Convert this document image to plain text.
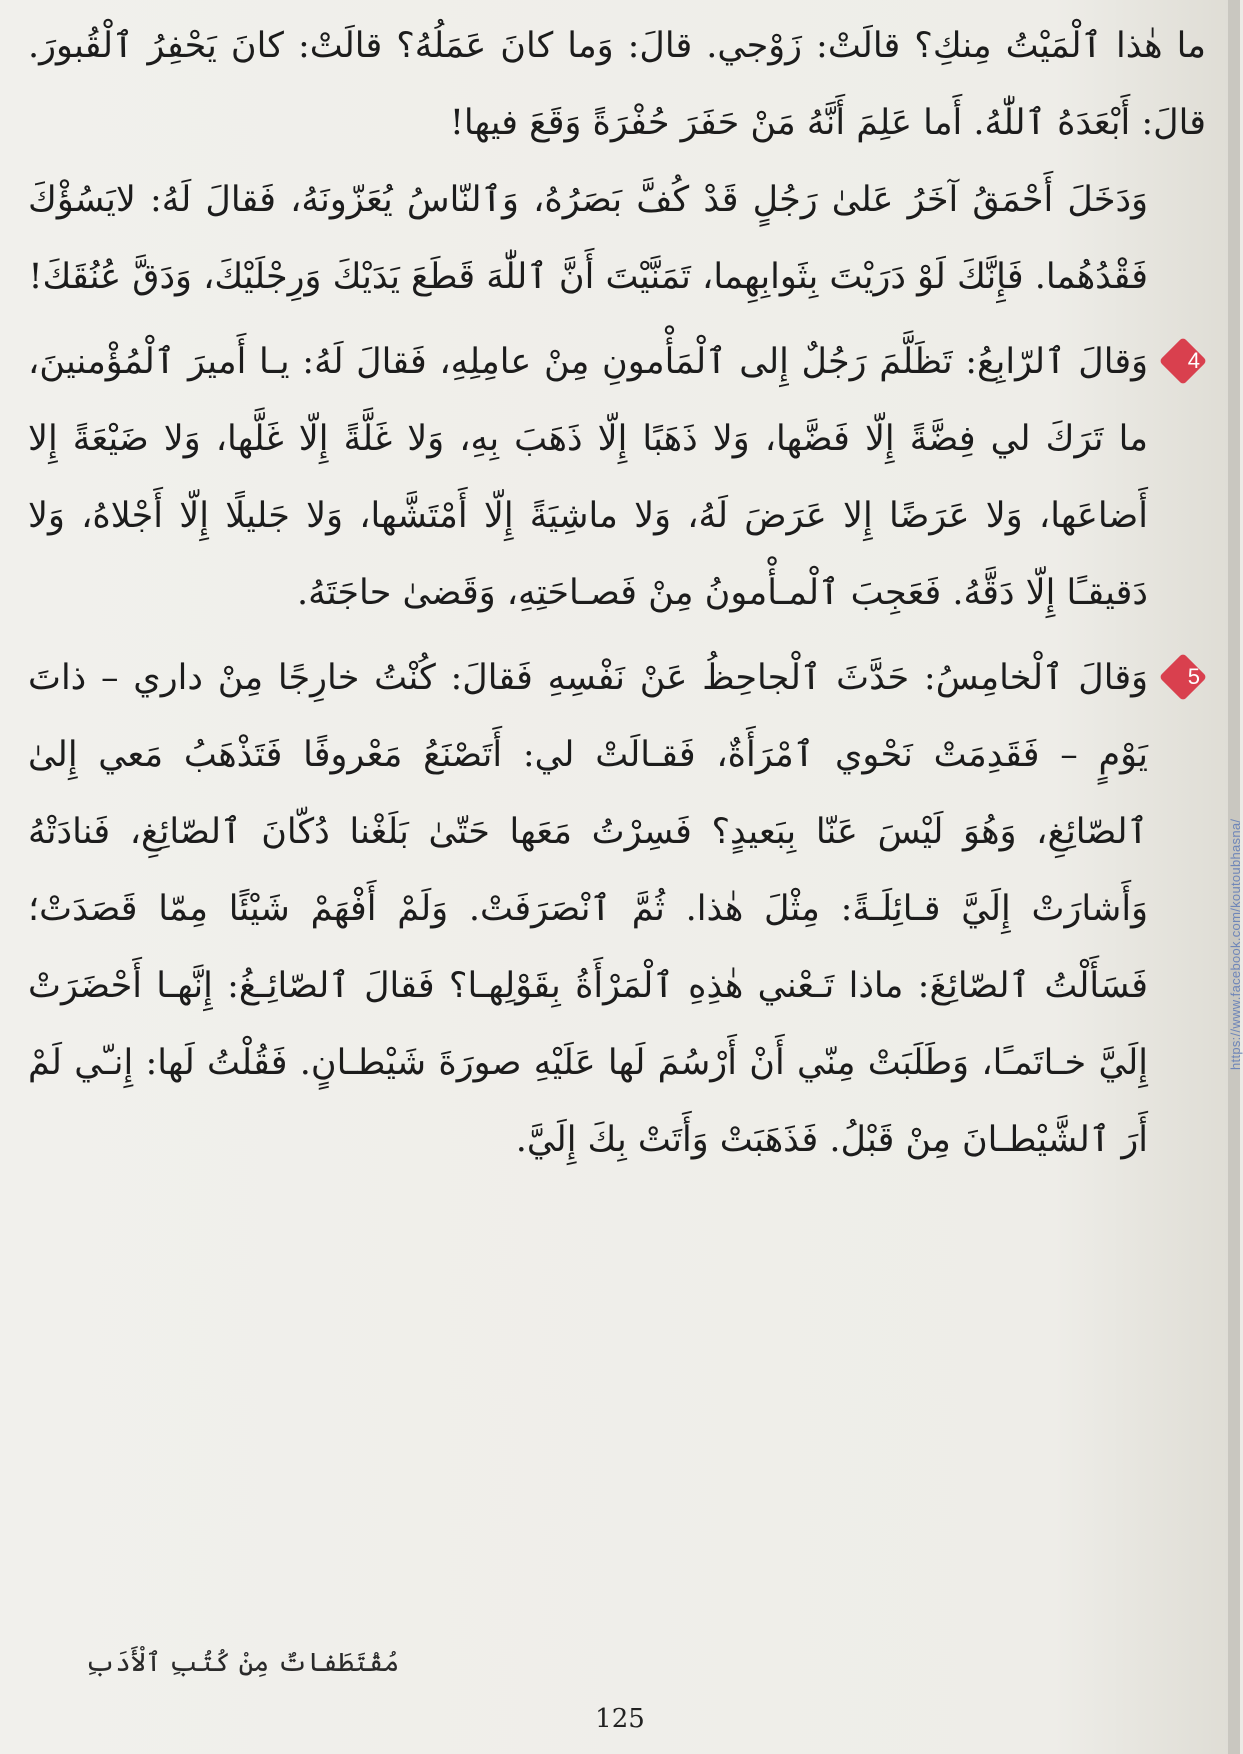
https://www.facebook.com/koutoubhasna/

ما هٰذا ٱلْمَيْتُ مِنكِ؟ قالَتْ: زَوْجي. قالَ: وَما كانَ عَمَلُهُ؟ قالَتْ: كانَ يَحْفِرُ ٱلْقُبورَ. قالَ: أَبْعَدَهُ ٱللّٰهُ. أَما عَلِمَ أَنَّهُ مَنْ حَفَرَ حُفْرَةً وَقَعَ فيها!

وَدَخَلَ أَحْمَقُ آخَرُ عَلىٰ رَجُلٍ قَدْ كُفَّ بَصَرُهُ، وَٱلنّاسُ يُعَزّونَهُ، فَقالَ لَهُ: لايَسُؤْكَ فَقْدُهُما. فَإِنَّكَ لَوْ دَرَيْتَ بِثَوابِهِما، تَمَنَّيْتَ أَنَّ ٱللّٰهَ قَطَعَ يَدَيْكَ وَرِجْلَيْكَ، وَدَقَّ عُنُقَكَ!

4

وَقالَ ٱلرّابِعُ: تَظَلَّمَ رَجُلٌ إِلى ٱلْمَأْمونِ مِنْ عامِلِهِ، فَقالَ لَهُ: يـا أَميرَ ٱلْمُؤْمنينَ، ما تَرَكَ لي فِضَّةً إِلّا فَضَّها، وَلا ذَهَبًا إِلّا ذَهَبَ بِهِ، وَلا غَلَّةً إِلّا غَلَّها، وَلا ضَيْعَةً إِلا أَضاعَها، وَلا عَرَضًا إِلا عَرَضَ لَهُ، وَلا ماشِيَةً إِلّا أَمْتَشَّها، وَلا جَليلًا إِلّا أَجْلاهُ، وَلا دَقيقـًا إِلّا دَقَّهُ. فَعَجِبَ ٱلْمـأْمونُ مِنْ فَصـاحَتِهِ، وَقَضىٰ حاجَتَهُ.

5

وَقالَ ٱلْخامِسُ: حَدَّثَ ٱلْجاحِظُ عَنْ نَفْسِهِ فَقالَ: كُنْتُ خارِجًا مِنْ داري – ذاتَ يَوْمٍ – فَقَدِمَتْ نَحْوي ٱمْرَأَةٌ، فَقـالَتْ لي: أَتَصْنَعُ مَعْروفًا فَتَذْهَبُ مَعي إِلىٰ ٱلصّائِغِ، وَهُوَ لَيْسَ عَنّا بِبَعيدٍ؟ فَسِرْتُ مَعَها حَتّىٰ بَلَغْنا دُكّانَ ٱلصّائِغِ، فَنادَتْهُ وَأَشارَتْ إِلَيَّ قـائِلَـةً: مِثْلَ هٰذا. ثُمَّ ٱنْصَرَفَتْ. وَلَمْ أَفْهَمْ شَيْئًا مِمّا قَصَدَتْ؛ فَسَأَلْتُ ٱلصّائِغَ: ماذا تَـعْني هٰذِهِ ٱلْمَرْأَةُ بِقَوْلِهـا؟ فَقالَ ٱلصّائِـغُ: إِنَّهـا أَحْضَرَتْ إِلَيَّ خـاتَمـًا، وَطَلَبَتْ مِنّي أَنْ أَرْسُمَ لَها عَلَيْهِ صورَةَ شَيْطـانٍ. فَقُلْتُ لَها: إِنـّي لَمْ أَرَ ٱلشَّيْطـانَ مِنْ قَبْلُ. فَذَهَبَتْ وَأَتَتْ بِكَ إِلَيَّ.

مُقْتَطَفاتٌ مِنْ كُتُبِ ٱلْأَدَبِ
125
